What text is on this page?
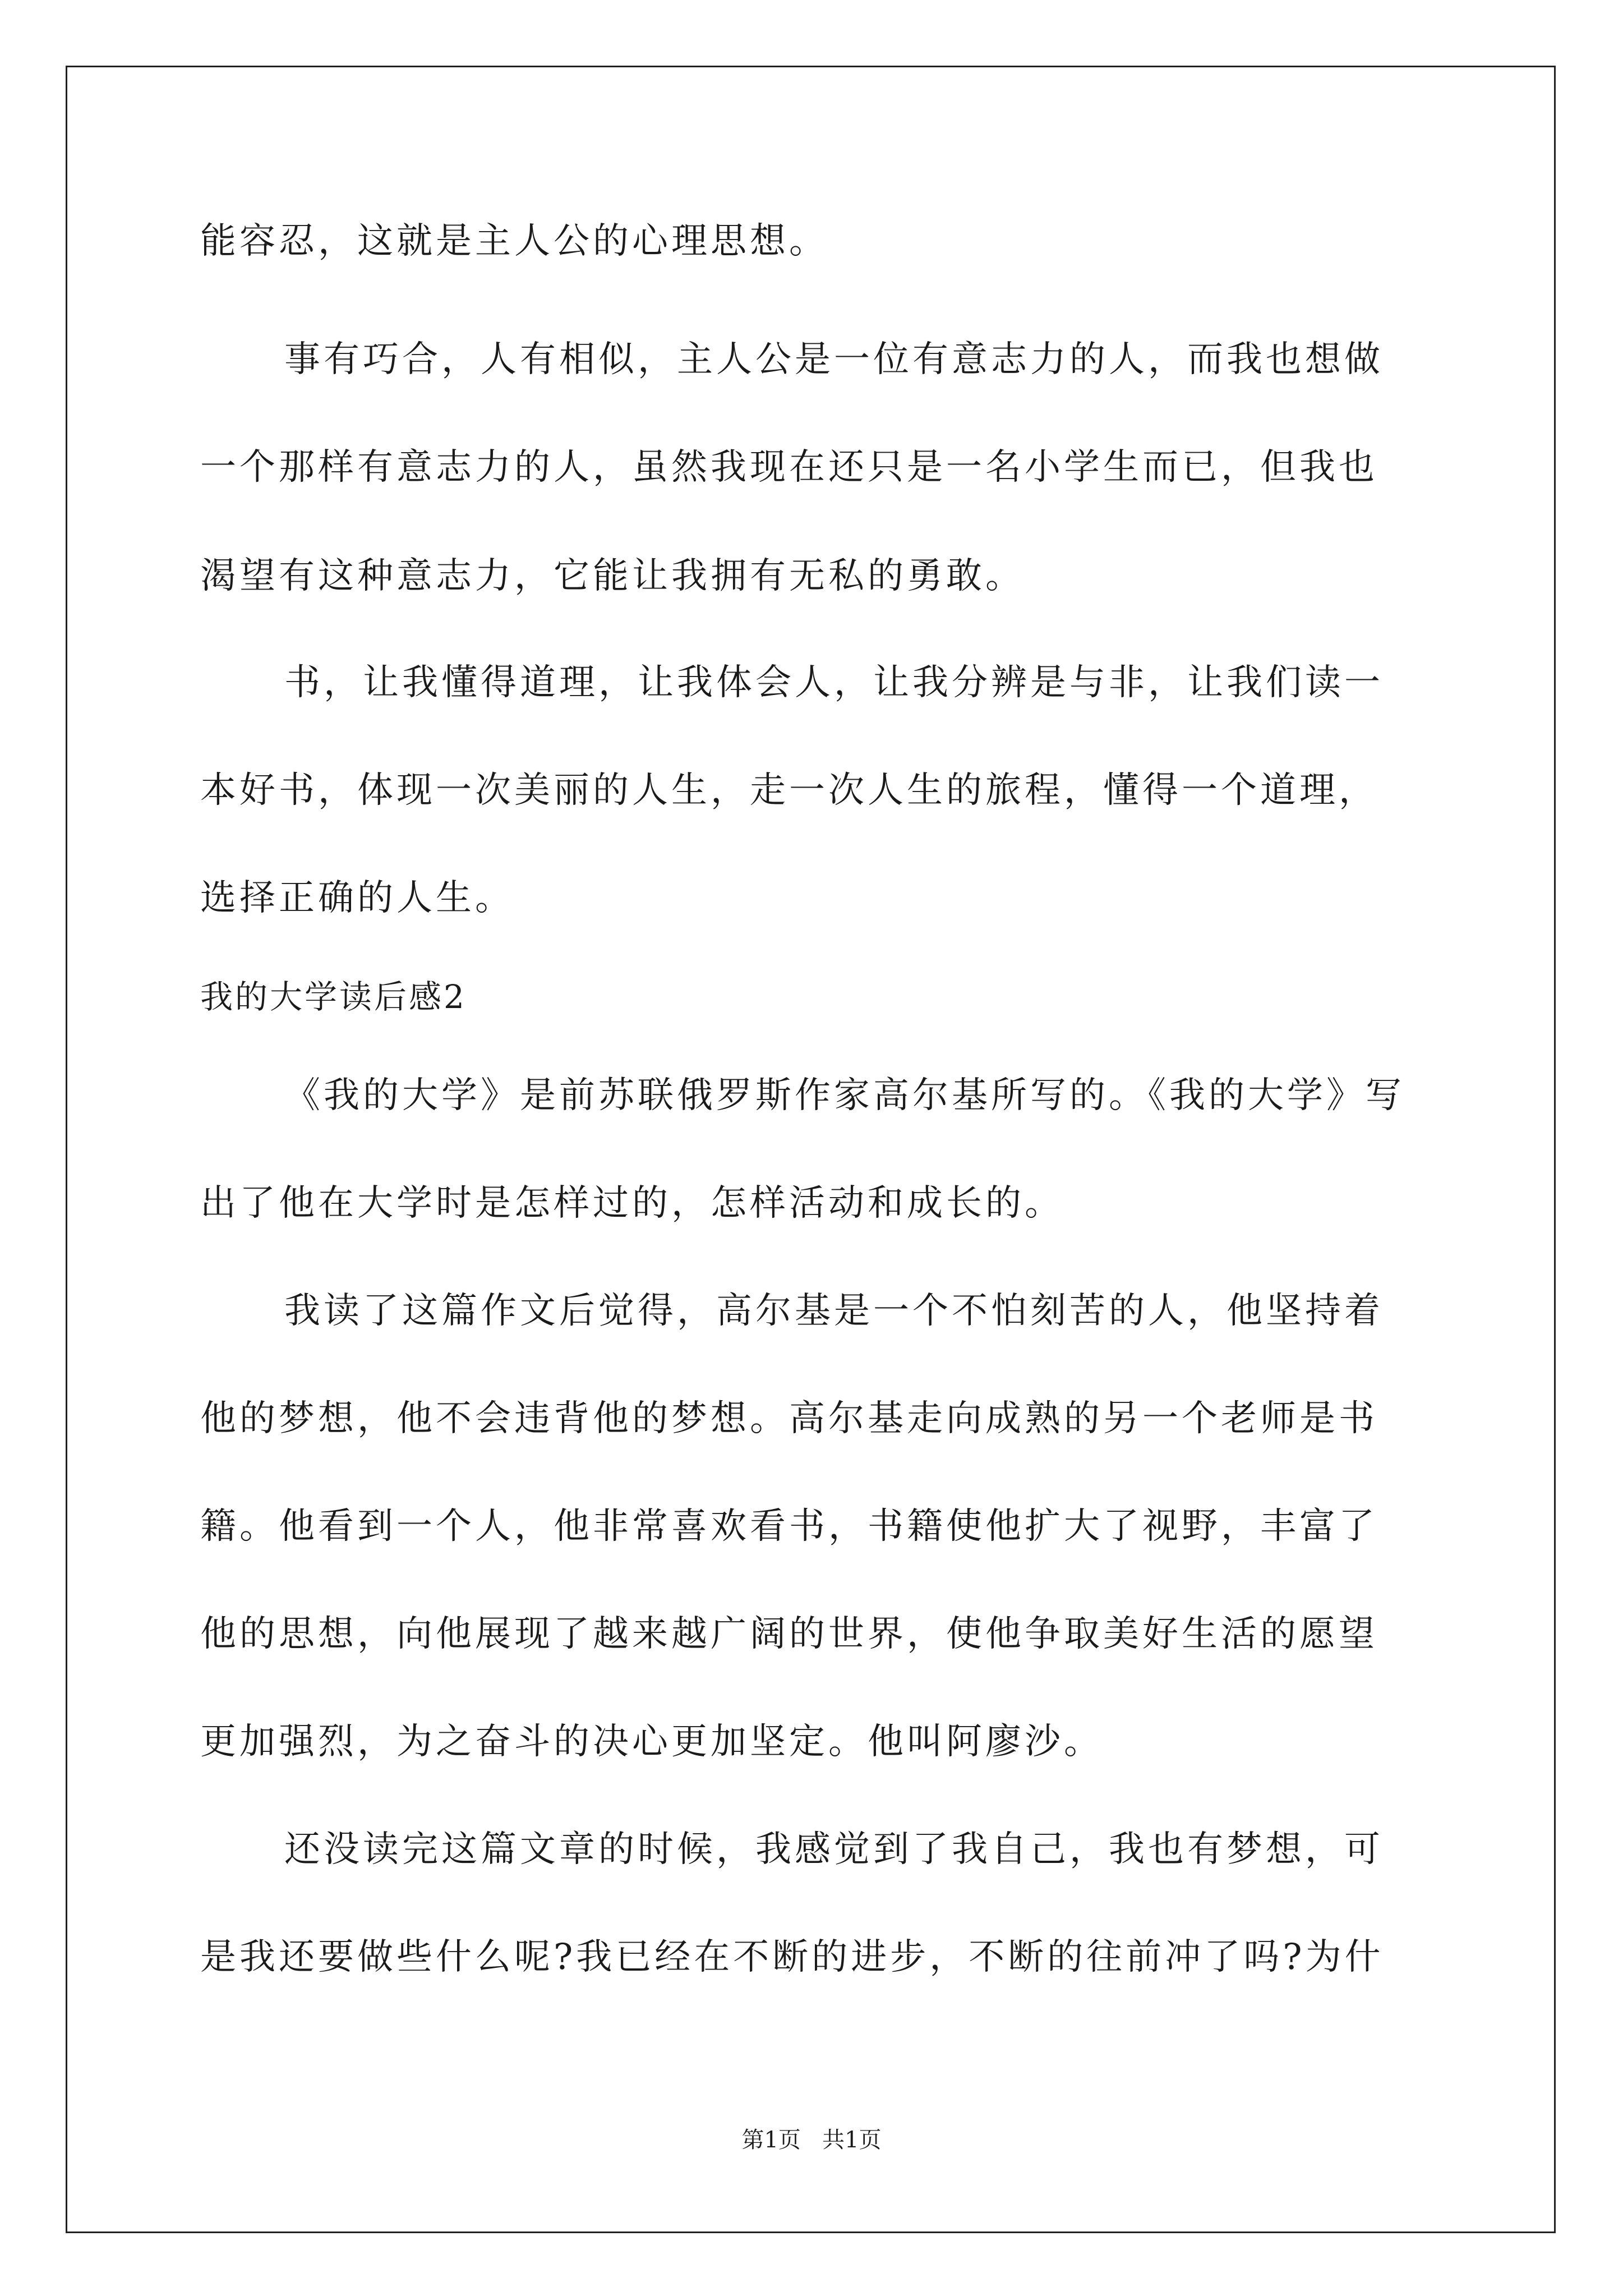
能容忍，这就是主人公的心理思想。
事有巧合，人有相似，主人公是一位有意志力的人，而我也想做
一个那样有意志力的人，虽然我现在还只是一名小学生而已，但我也
渴望有这种意志力，它能让我拥有无私的勇敢。
书，让我懂得道理，让我体会人，让我分辨是与非，让我们读一
本好书，体现一次美丽的人生，走一次人生的旅程，懂得一个道理，
选择正确的人生。
我的大学读后感2
《我的大学》是前苏联俄罗斯作家高尔基所写的。《我的大学》写
出了他在大学时是怎样过的，怎样活动和成长的。
我读了这篇作文后觉得，高尔基是一个不怕刻苦的人，他坚持着
他的梦想，他不会违背他的梦想。高尔基走向成熟的另一个老师是书
籍。他看到一个人，他非常喜欢看书，书籍使他扩大了视野，丰富了
他的思想，向他展现了越来越广阔的世界，使他争取美好生活的愿望
更加强烈，为之奋斗的决心更加坚定。他叫阿廖沙。
还没读完这篇文章的时候，我感觉到了我自己，我也有梦想，可
是我还要做些什么呢?我已经在不断的进步，不断的往前冲了吗?为什
第1页   共1页
